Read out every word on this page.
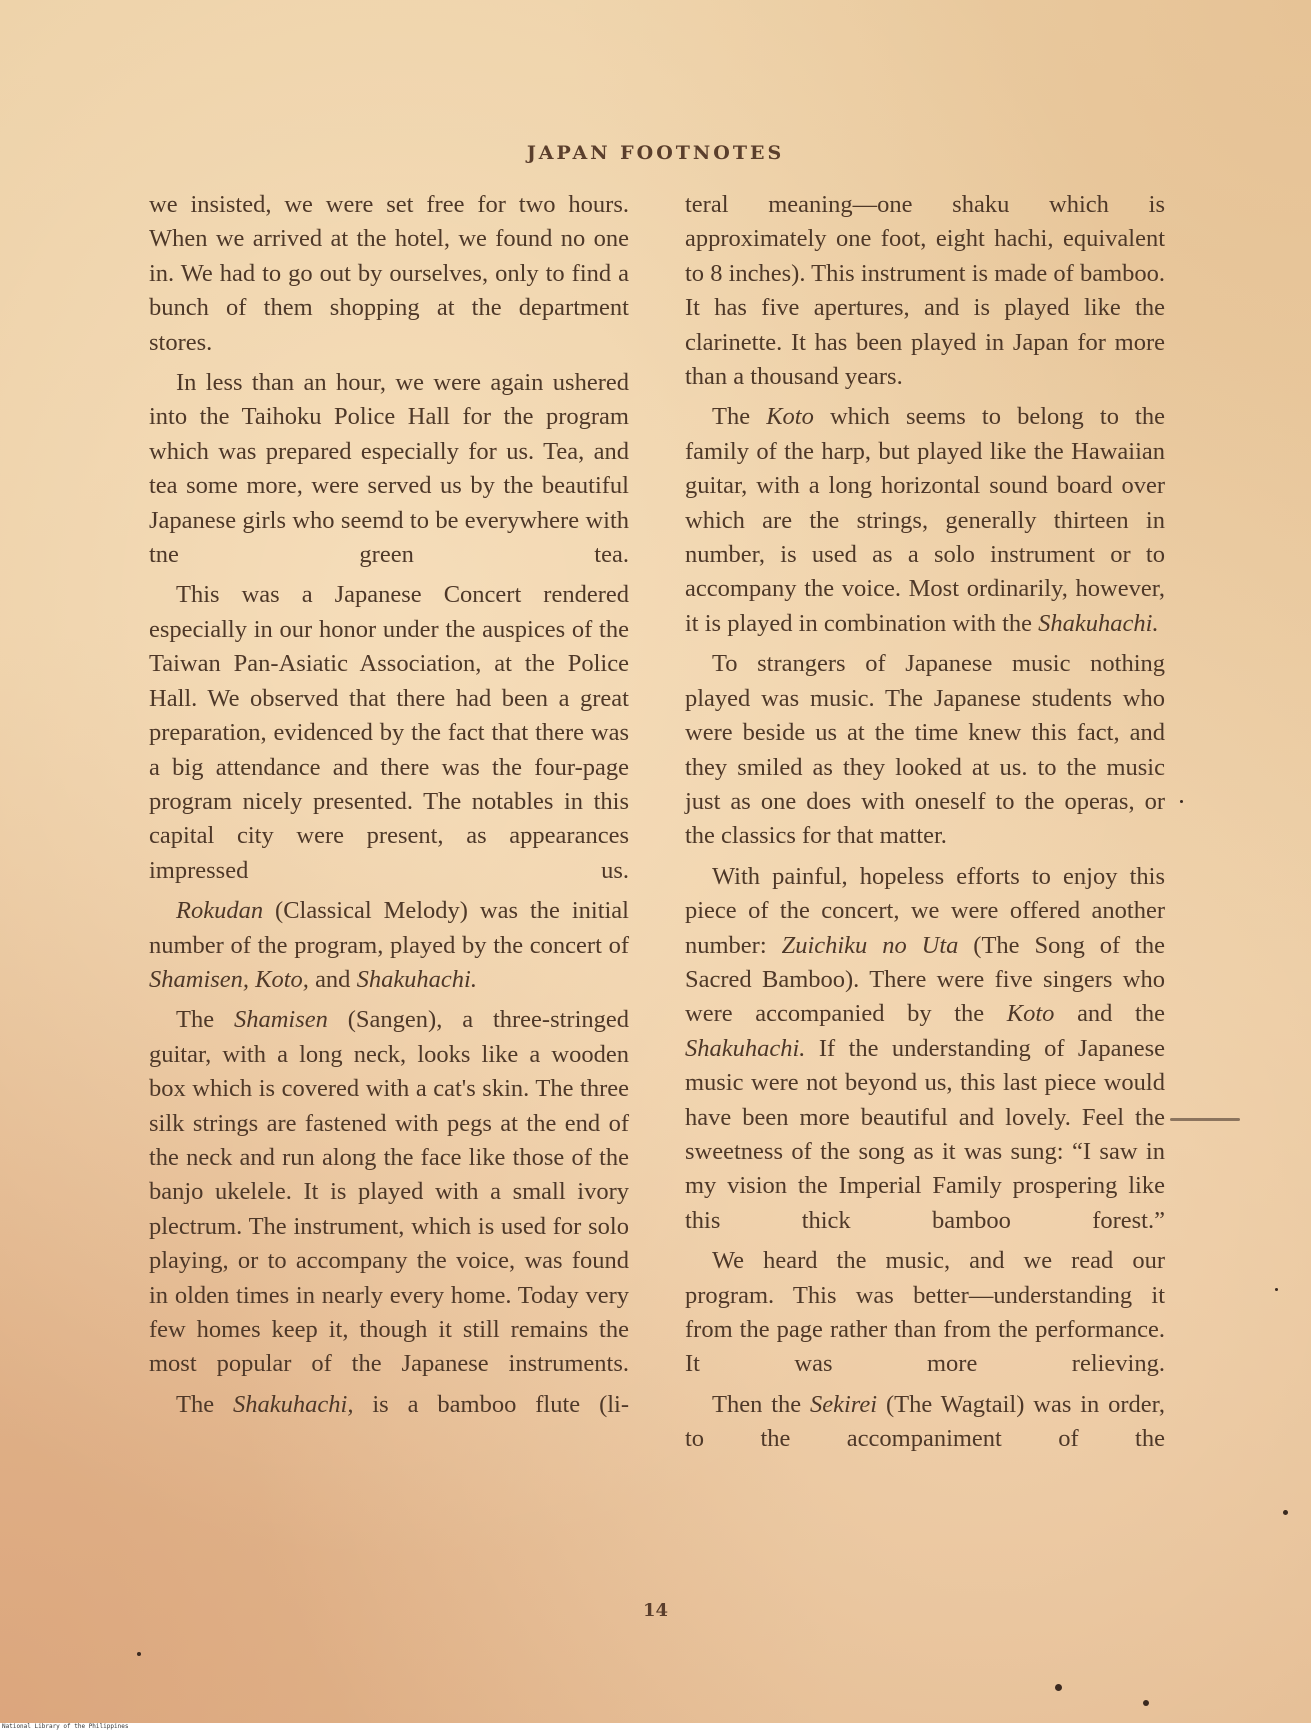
JAPAN FOOTNOTES

we insisted, we were set free for two hours. When we arrived at the hotel, we found no one in. We had to go out by ourselves, only to find a bunch of them shopping at the department stores.

In less than an hour, we were again ushered into the Taihoku Police Hall for the program which was prepared especially for us. Tea, and tea some more, were served us by the beautiful Japanese girls who seemd to be everywhere with tne green tea.

This was a Japanese Concert rendered especially in our honor under the auspices of the Taiwan Pan-Asiatic Association, at the Police Hall. We observed that there had been a great preparation, evidenced by the fact that there was a big attendance and there was the four-page program nicely presented. The notables in this capital city were present, as appearances impressed us.

Rokudan (Classical Melody) was the initial number of the program, played by the concert of Shamisen, Koto, and Shakuhachi.

The Shamisen (Sangen), a three-stringed guitar, with a long neck, looks like a wooden box which is covered with a cat's skin. The three silk strings are fastened with pegs at the end of the neck and run along the face like those of the banjo ukelele. It is played with a small ivory plectrum. The instrument, which is used for solo playing, or to accompany the voice, was found in olden times in nearly every home. Today very few homes keep it, though it still remains the most popular of the Japanese instruments.

The Shakuhachi, is a bamboo flute (li-

teral meaning—one shaku which is approximately one foot, eight hachi, equivalent to 8 inches). This instrument is made of bamboo. It has five apertures, and is played like the clarinette. It has been played in Japan for more than a thousand years.

The Koto which seems to belong to the family of the harp, but played like the Hawaiian guitar, with a long horizontal sound board over which are the strings, generally thirteen in number, is used as a solo instrument or to accompany the voice. Most ordinarily, however, it is played in combination with the Shakuhachi.

To strangers of Japanese music nothing played was music. The Japanese students who were beside us at the time knew this fact, and they smiled as they looked at us. to the music just as one does with oneself to the operas, or the classics for that matter.

With painful, hopeless efforts to enjoy this piece of the concert, we were offered another number: Zuichiku no Uta (The Song of the Sacred Bamboo). There were five singers who were accompanied by the Koto and the Shakuhachi. If the understanding of Japanese music were not beyond us, this last piece would have been more beautiful and lovely. Feel the sweetness of the song as it was sung: “I saw in my vision the Imperial Family prospering like this thick bamboo forest.”

We heard the music, and we read our program. This was better—understanding it from the page rather than from the performance. It was more relieving.

Then the Sekirei (The Wagtail) was in order, to the accompaniment of the

14
National Library of the Philippines
